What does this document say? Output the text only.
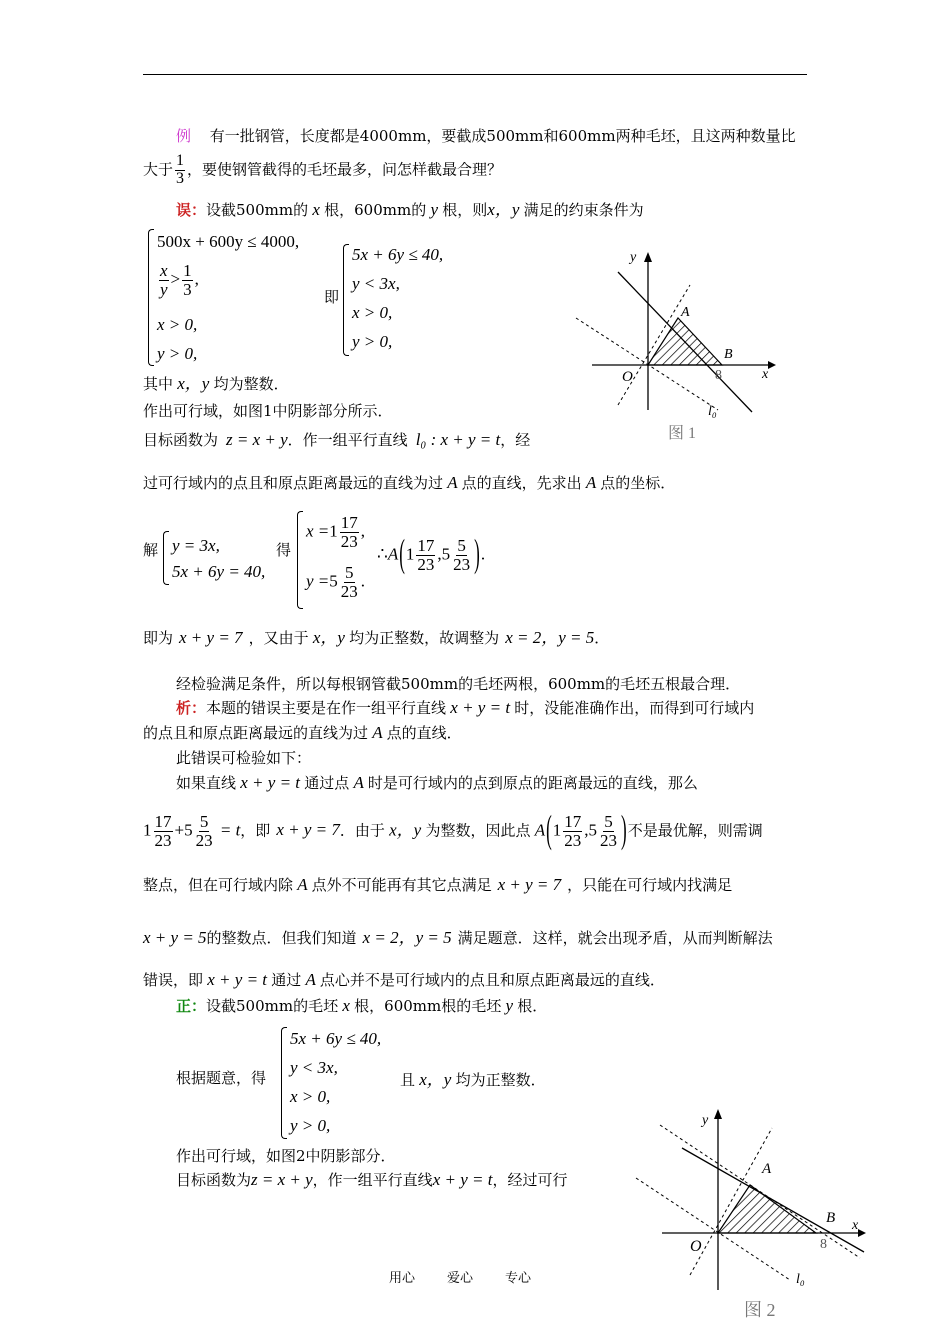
例 有一批钢管，长度都是4000mm，要截成500mm和600mm两种毛坯，且这两种数量比
大于 $\frac{1}{3}$ ，要使钢管截得的毛坯最多，问怎样截最合理？
误：设截500mm的 x 根，600mm的 y 根，则x，y 满足的约束条件为
500x + 600y ≤ 4000,
$\frac{x}{y} > \frac{1}{3}$ ,
x > 0,
y > 0,
即
5x + 6y ≤ 40,
y < 3x,
x > 0,
y > 0,
其中 x，y 均为整数．
作出可行域，如图1中阴影部分所示．
目标函数为 z = x + y．作一组平行直线 l₀ : x + y = t，经
过可行域内的点且和原点距离最远的直线为过 A 点的直线，先求出 A 点的坐标．
解 y = 3x,
5x + 6y = 40,
得
$x =1 \frac{17}{23}$ ,
$y =5 \frac{5}{23}$ .
∴A(1 $\frac{17}{23} ,5 \frac{5}{23}$ ).
即为 x + y = 7 ，又由于 x，y 均为正整数，故调整为 x = 2，y = 5．
经检验满足条件，所以每根钢管截500mm的毛坯两根，600mm的毛坯五根最合理．
析：本题的错误主要是在作一组平行直线 x + y = t 时，没能准确作出，而得到可行域内
的点且和原点距离最远的直线为过 A 点的直线．
此错误可检验如下：
如果直线 x + y = t 通过点 A 时是可行域内的点到原点的距离最远的直线，那么
$1 \frac{17}{23} +5 \frac{5}{23} = t$，即 x + y = 7．由于 x，y 为整数，因此点 $A(1 \frac{17}{23} ,5 \frac{5}{23}$ )不是最优解，则需调
整点，但在可行域内除 A 点外不可能再有其它点满足 x + y = 7 ，只能在可行域内找满足
x + y = 5的整数点．但我们知道 x = 2，y = 5 满足题意．这样，就会出现矛盾，从而判断解法
错误，即 x + y = t 通过 A 点心并不是可行域内的点且和原点距离最远的直线．
正：设截500mm的毛坯 x 根，600mm根的毛坯 y 根．
根据题意，得
5x + 6y ≤ 40,
y < 3x,
x > 0,
y > 0,
且 x，y 均为正整数．
作出可行域，如图2中阴影部分．
目标函数为z = x + y，作一组平行直线x + y = t，经过可行
y
x
A
B
O	8
l₀
图 1
y
x
A
B
O	8
l₀
图 2
用心 爱心 专心
